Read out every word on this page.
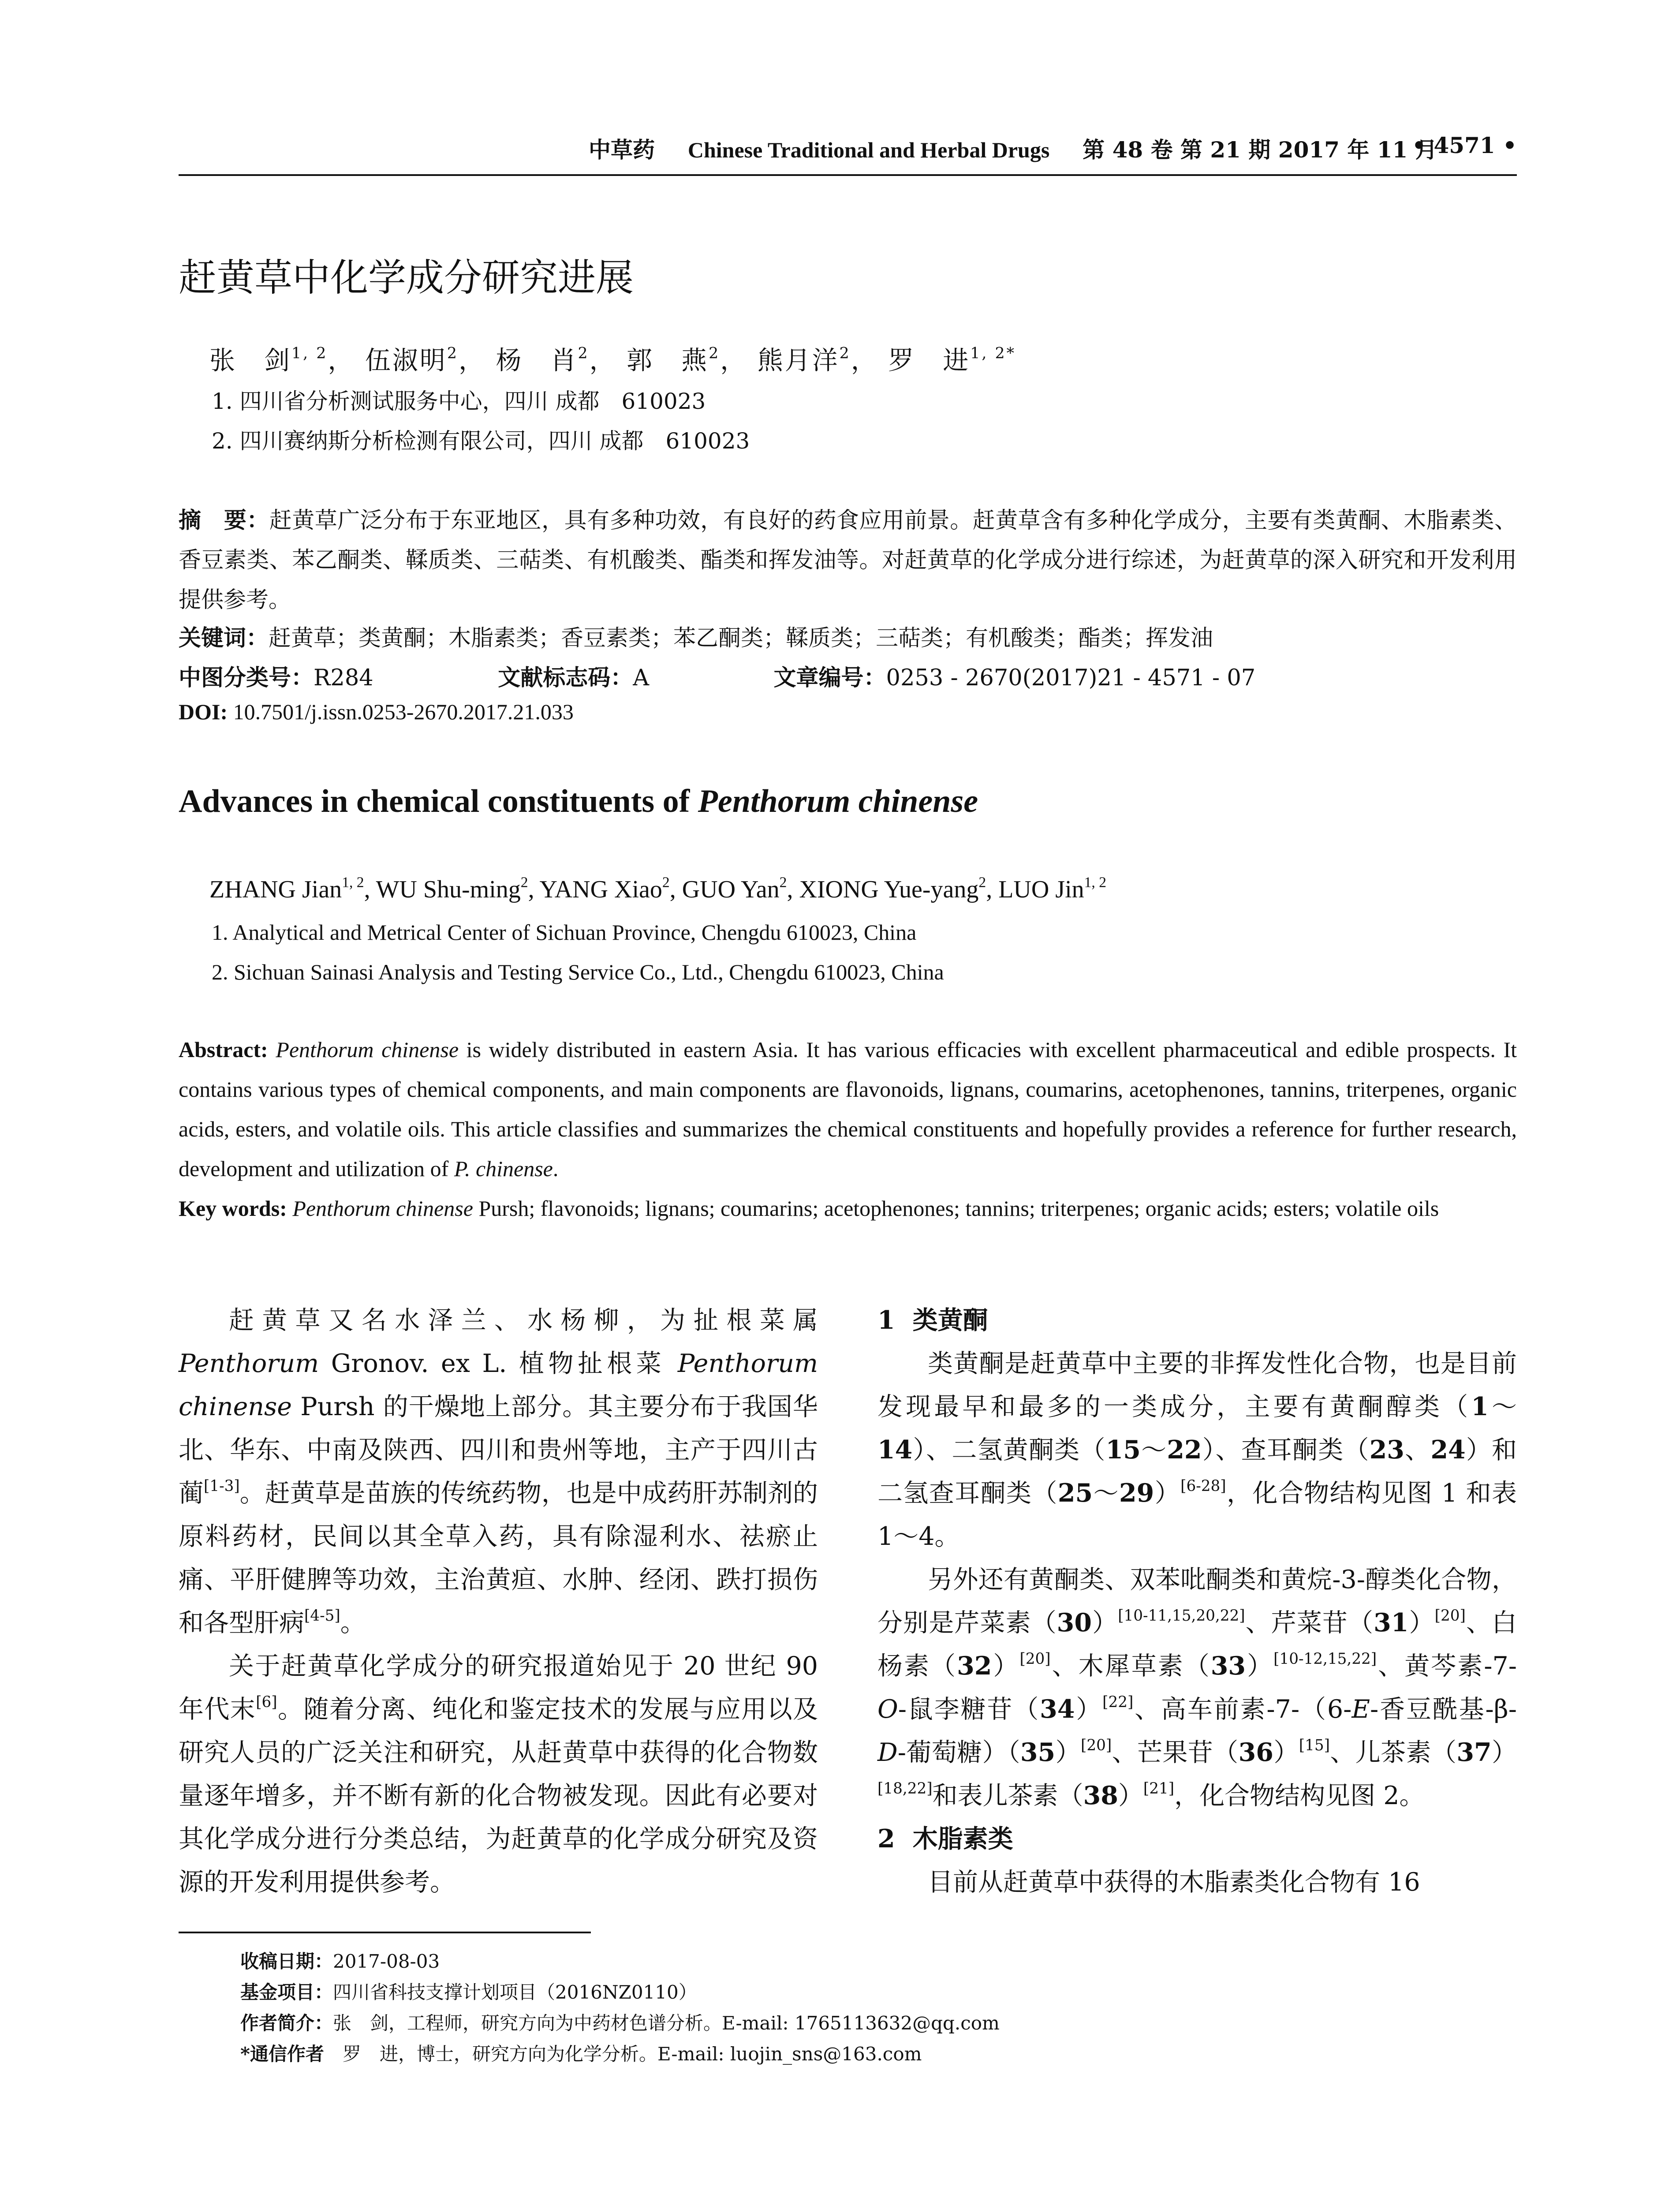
中草药 Chinese Traditional and Herbal Drugs 第 48 卷 第 21 期 2017 年 11 月
• 4571 •
赶黄草中化学成分研究进展
张　剑$^{1, 2}$， 伍淑明$^2$， 杨　肖$^2$， 郭　燕$^2$， 熊月洋$^2$， 罗　进$^{1, 2*}$
1. 四川省分析测试服务中心，四川 成都　610023
2. 四川赛纳斯分析检测有限公司，四川 成都　610023
摘　要：赶黄草广泛分布于东亚地区，具有多种功效，有良好的药食应用前景。赶黄草含有多种化学成分，主要有类黄酮、木脂素类、香豆素类、苯乙酮类、鞣质类、三萜类、有机酸类、酯类和挥发油等。对赶黄草的化学成分进行综述，为赶黄草的深入研究和开发利用提供参考。
关键词：赶黄草；类黄酮；木脂素类；香豆素类；苯乙酮类；鞣质类；三萜类；有机酸类；酯类；挥发油
中图分类号：R284	文献标志码：A	文章编号：0253 - 2670(2017)21 - 4571 - 07
DOI: 10.7501/j.issn.0253-2670.2017.21.033
Advances in chemical constituents of Penthorum chinense
ZHANG Jian$^{1, 2}$, WU Shu-ming$^2$, YANG Xiao$^2$, GUO Yan$^2$, XIONG Yue-yang$^2$, LUO Jin$^{1, 2}$
1. Analytical and Metrical Center of Sichuan Province, Chengdu 610023, China
2. Sichuan Sainasi Analysis and Testing Service Co., Ltd., Chengdu 610023, China
Abstract: Penthorum chinense is widely distributed in eastern Asia. It has various efficacies with excellent pharmaceutical and edible prospects. It contains various types of chemical components, and main components are flavonoids, lignans, coumarins, acetophenones, tannins, triterpenes, organic acids, esters, and volatile oils. This article classifies and summarizes the chemical constituents and hopefully provides a reference for further research, development and utilization of P. chinense.
Key words: Penthorum chinense Pursh; flavonoids; lignans; coumarins; acetophenones; tannins; triterpenes; organic acids; esters; volatile oils

赶黄草又名水泽兰、水杨柳，为扯根菜属 Penthorum Gronov. ex L. 植物扯根菜 Penthorum chinense Pursh 的干燥地上部分。其主要分布于我国华北、华东、中南及陕西、四川和贵州等地，主产于四川古蔺[1-3]。赶黄草是苗族的传统药物，也是中成药肝苏制剂的原料药材，民间以其全草入药，具有除湿利水、祛瘀止痛、平肝健脾等功效，主治黄疸、水肿、经闭、跌打损伤和各型肝病[4-5]。

关于赶黄草化学成分的研究报道始见于 20 世纪 90 年代末[6]。随着分离、纯化和鉴定技术的发展与应用以及研究人员的广泛关注和研究，从赶黄草中获得的化合物数量逐年增多，并不断有新的化合物被发现。因此有必要对其化学成分进行分类总结，为赶黄草的化学成分研究及资源的开发利用提供参考。

1 类黄酮

类黄酮是赶黄草中主要的非挥发性化合物，也是目前发现最早和最多的一类成分，主要有黄酮醇类（1～14）、二氢黄酮类（15～22）、查耳酮类（23、24）和二氢查耳酮类（25～29）[6-28]，化合物结构见图 1 和表 1～4。

另外还有黄酮类、双苯吡酮类和黄烷-3-醇类化合物，分别是芹菜素（30）[10-11,15,20,22]、芹菜苷（31）[20]、白杨素（32）[20]、木犀草素（33）[10-12,15,22]、黄芩素-7-O-鼠李糖苷（34）[22]、高车前素-7-（6-E-香豆酰基-β-D-葡萄糖）（35）[20]、芒果苷（36）[15]、儿茶素（37）[18,22]和表儿茶素（38）[21]，化合物结构见图 2。

2 木脂素类

目前从赶黄草中获得的木脂素类化合物有 16

收稿日期：2017-08-03
基金项目：四川省科技支撑计划项目（2016NZ0110）
作者简介：张　剑，工程师，研究方向为中药材色谱分析。E-mail: 1765113632@qq.com
*通信作者　 罗　进，博士，研究方向为化学分析。E-mail: luojin_sns@163.com
